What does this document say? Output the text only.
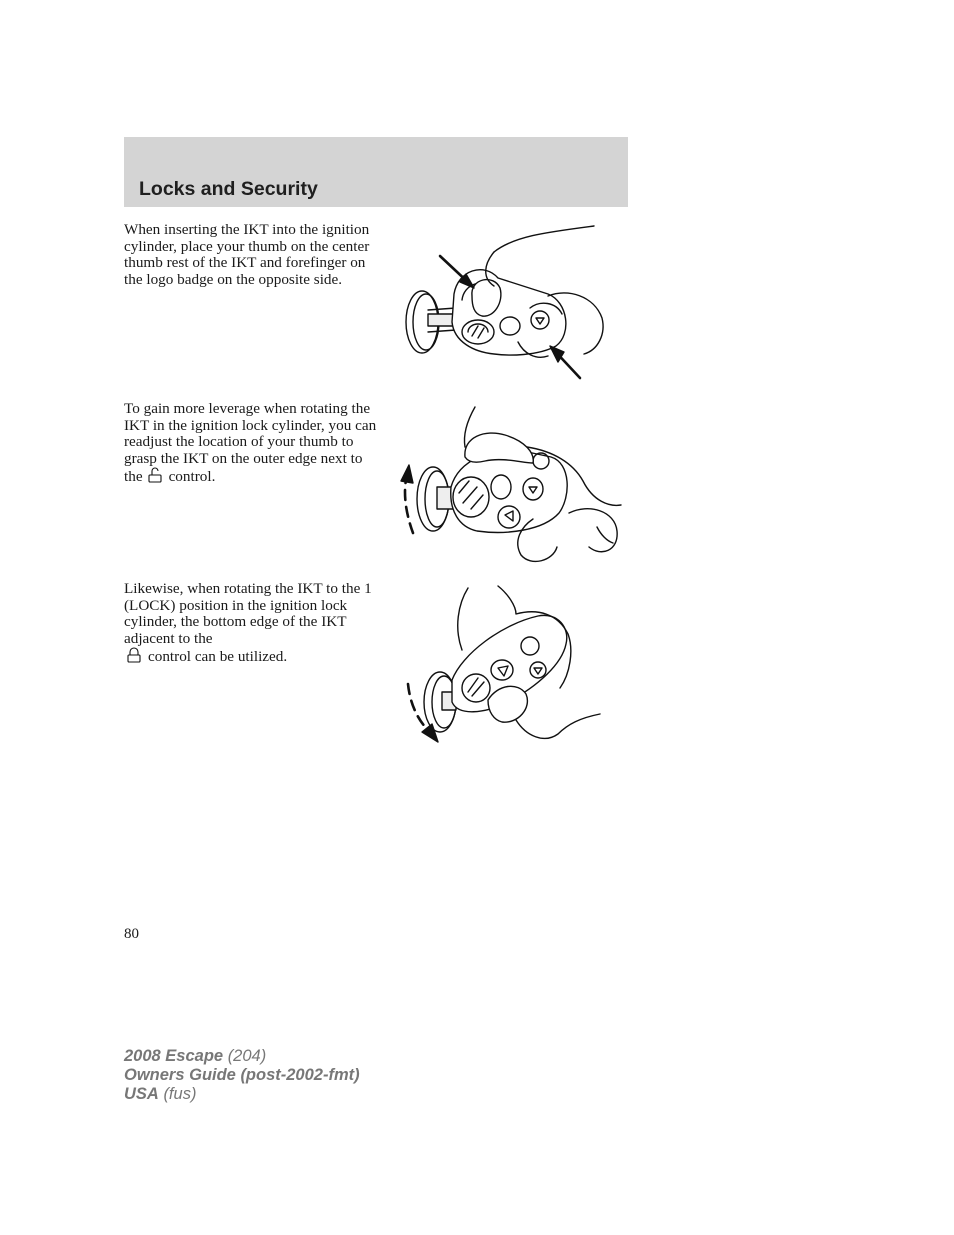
Locks and Security

When inserting the IKT into the ignition cylinder, place your thumb on the center thumb rest of the IKT and forefinger on the logo badge on the opposite side.

To gain more leverage when rotating the IKT in the ignition lock cylinder, you can readjust the location of your thumb to grasp the IKT on the outer edge next to the control.

Likewise, when rotating the IKT to the 1 (LOCK) position in the ignition lock cylinder, the bottom edge of the IKT adjacent to the
control can be utilized.

80
2008 Escape (204)
Owners Guide (post-2002-fmt)
USA (fus)
